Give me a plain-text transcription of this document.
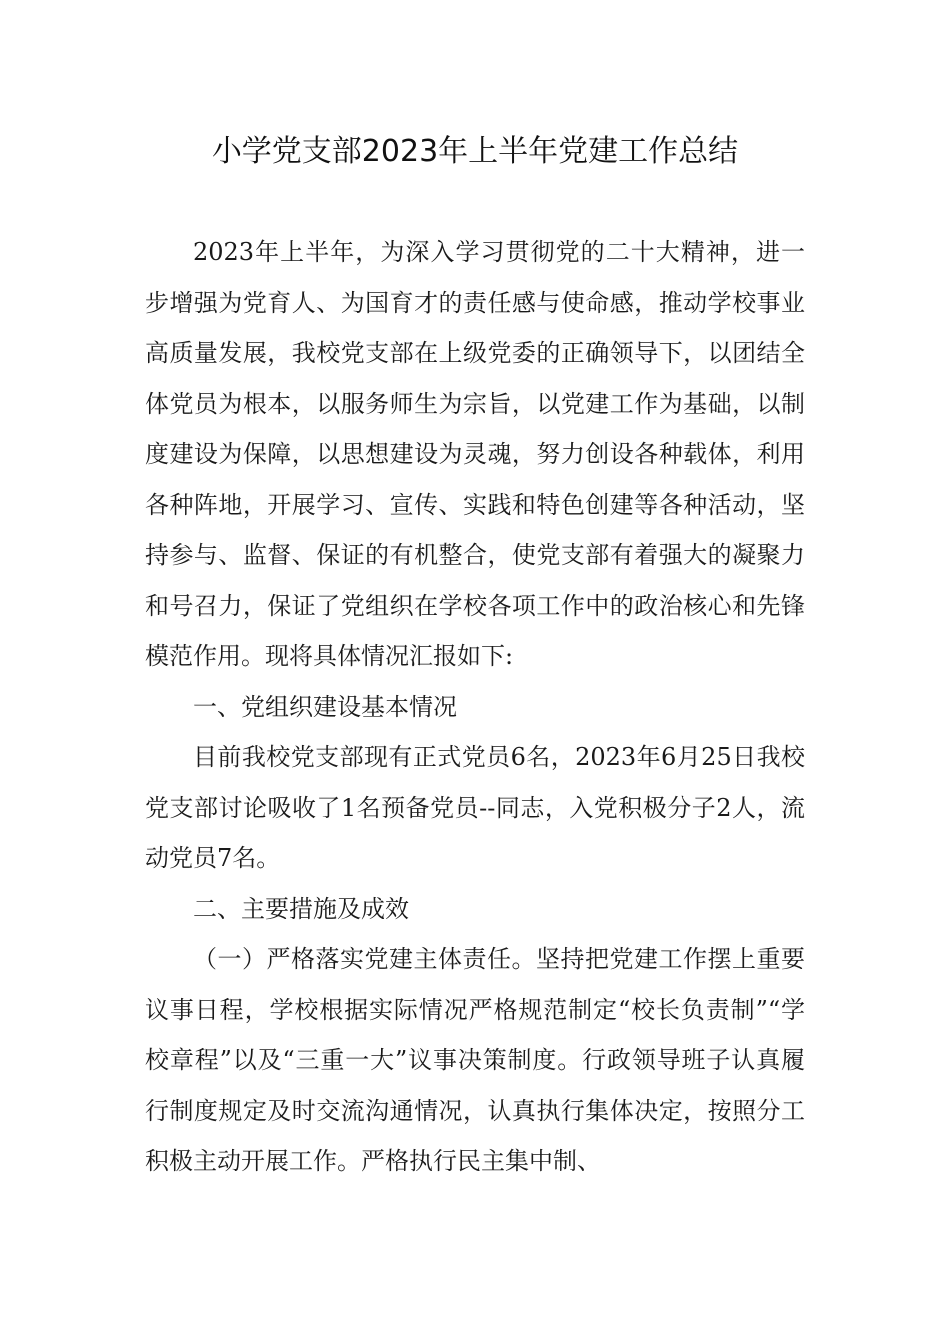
小学党支部2023年上半年党建工作总结

2023年上半年，为深入学习贯彻党的二十大精神，进一步增强为党育人、为国育才的责任感与使命感，推动学校事业高质量发展，我校党支部在上级党委的正确领导下，以团结全体党员为根本，以服务师生为宗旨，以党建工作为基础，以制度建设为保障，以思想建设为灵魂，努力创设各种载体，利用各种阵地，开展学习、宣传、实践和特色创建等各种活动，坚持参与、监督、保证的有机整合，使党支部有着强大的凝聚力和号召力，保证了党组织在学校各项工作中的政治核心和先锋模范作用。现将具体情况汇报如下:

一、党组织建设基本情况

目前我校党支部现有正式党员6名，2023年6月25日我校党支部讨论吸收了1名预备党员--同志，入党积极分子2人，流动党员7名。

二、主要措施及成效

（一）严格落实党建主体责任。坚持把党建工作摆上重要议事日程，学校根据实际情况严格规范制定“校长负责制”“学校章程”以及“三重一大”议事决策制度。行政领导班子认真履行制度规定及时交流沟通情况，认真执行集体决定，按照分工积极主动开展工作。严格执行民主集中制、
